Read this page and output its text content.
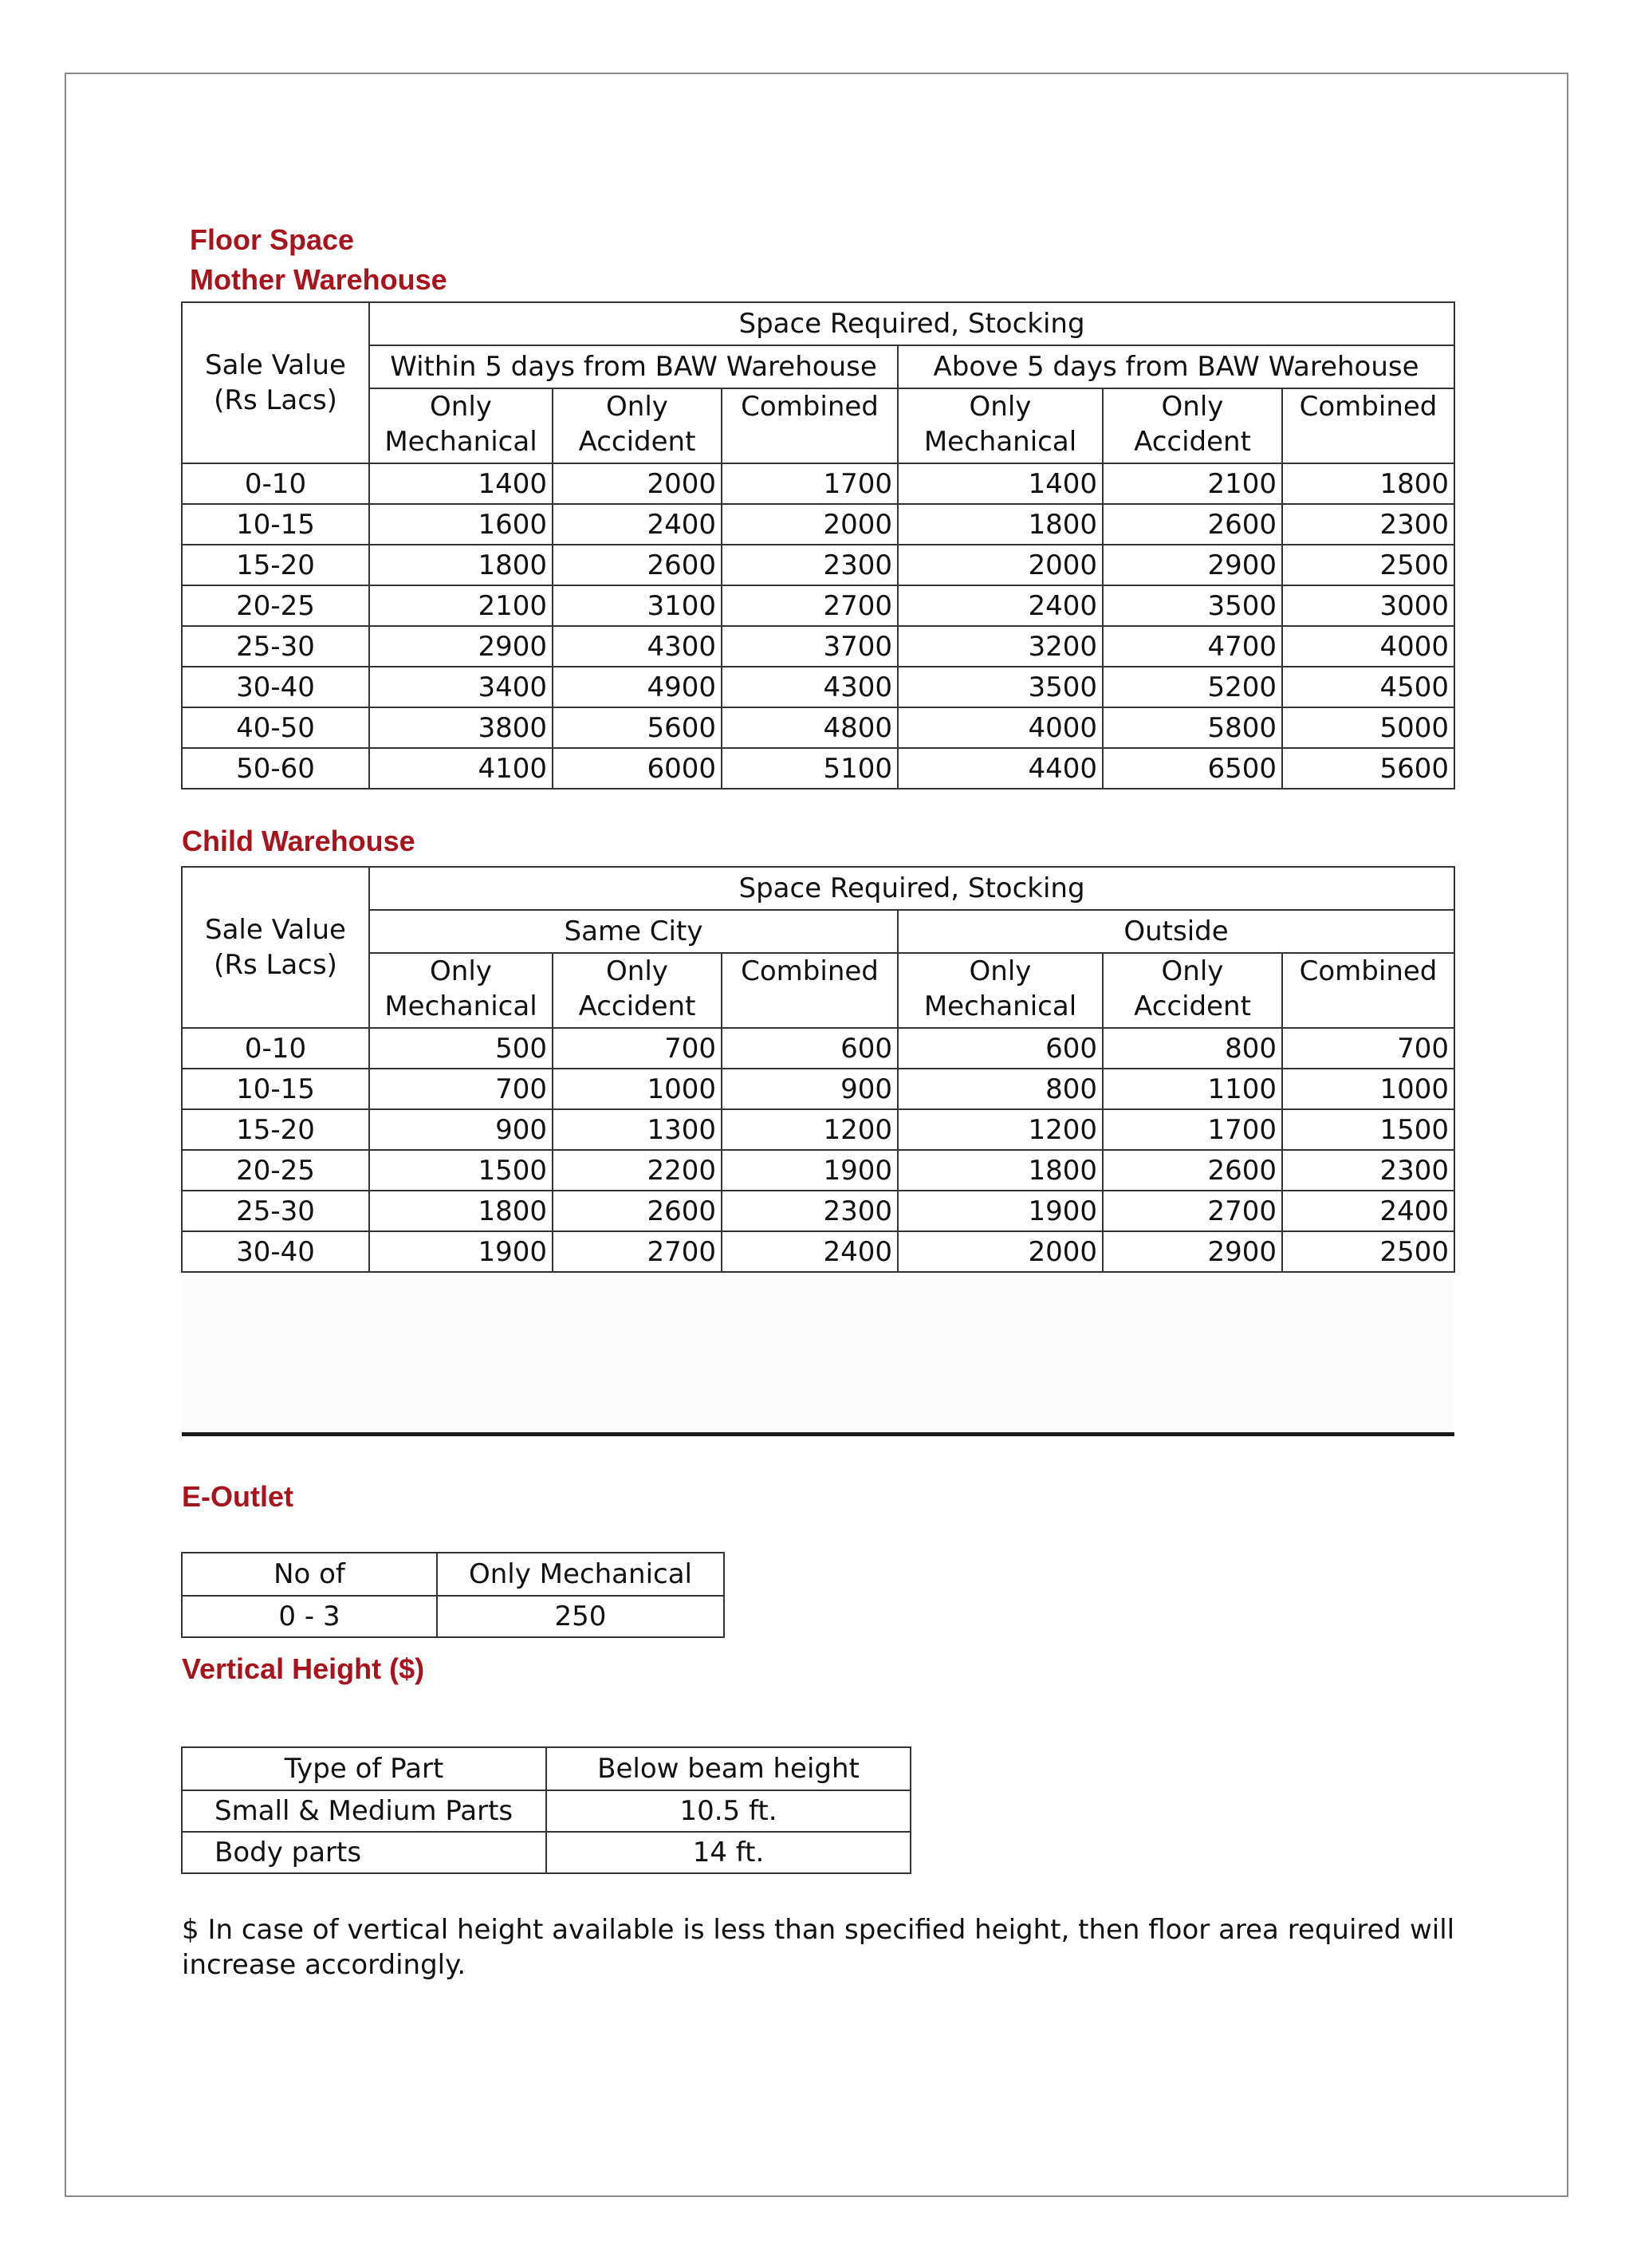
Floor Space
Mother Warehouse
Sale Value (Rs Lacs)	Space Required, Stocking					
	Within 5 days from BAW Warehouse			Above 5 days from BAW Warehouse		
	Only Mechanical	Only Accident	Combined	Only Mechanical	Only Accident	Combined
0-10	1400	2000	1700	1400	2100	1800
10-15	1600	2400	2000	1800	2600	2300
15-20	1800	2600	2300	2000	2900	2500
20-25	2100	3100	2700	2400	3500	3000
25-30	2900	4300	3700	3200	4700	4000
30-40	3400	4900	4300	3500	5200	4500
40-50	3800	5600	4800	4000	5800	5000
50-60	4100	6000	5100	4400	6500	5600
Child Warehouse
Sale Value (Rs Lacs)	Space Required, Stocking					
	Same City			Outside		
	Only Mechanical	Only Accident	Combined	Only Mechanical	Only Accident	Combined
0-10	500	700	600	600	800	700
10-15	700	1000	900	800	1100	1000
15-20	900	1300	1200	1200	1700	1500
20-25	1500	2200	1900	1800	2600	2300
25-30	1800	2600	2300	1900	2700	2400
30-40	1900	2700	2400	2000	2900	2500
E-Outlet
No of	Only Mechanical
0 - 3	250
Vertical Height ($)
Type of Part	Below beam height
Small & Medium Parts	10.5 ft.
Body parts	14 ft.

$ In case of vertical height available is less than specified height, then floor area required will increase accordingly.
